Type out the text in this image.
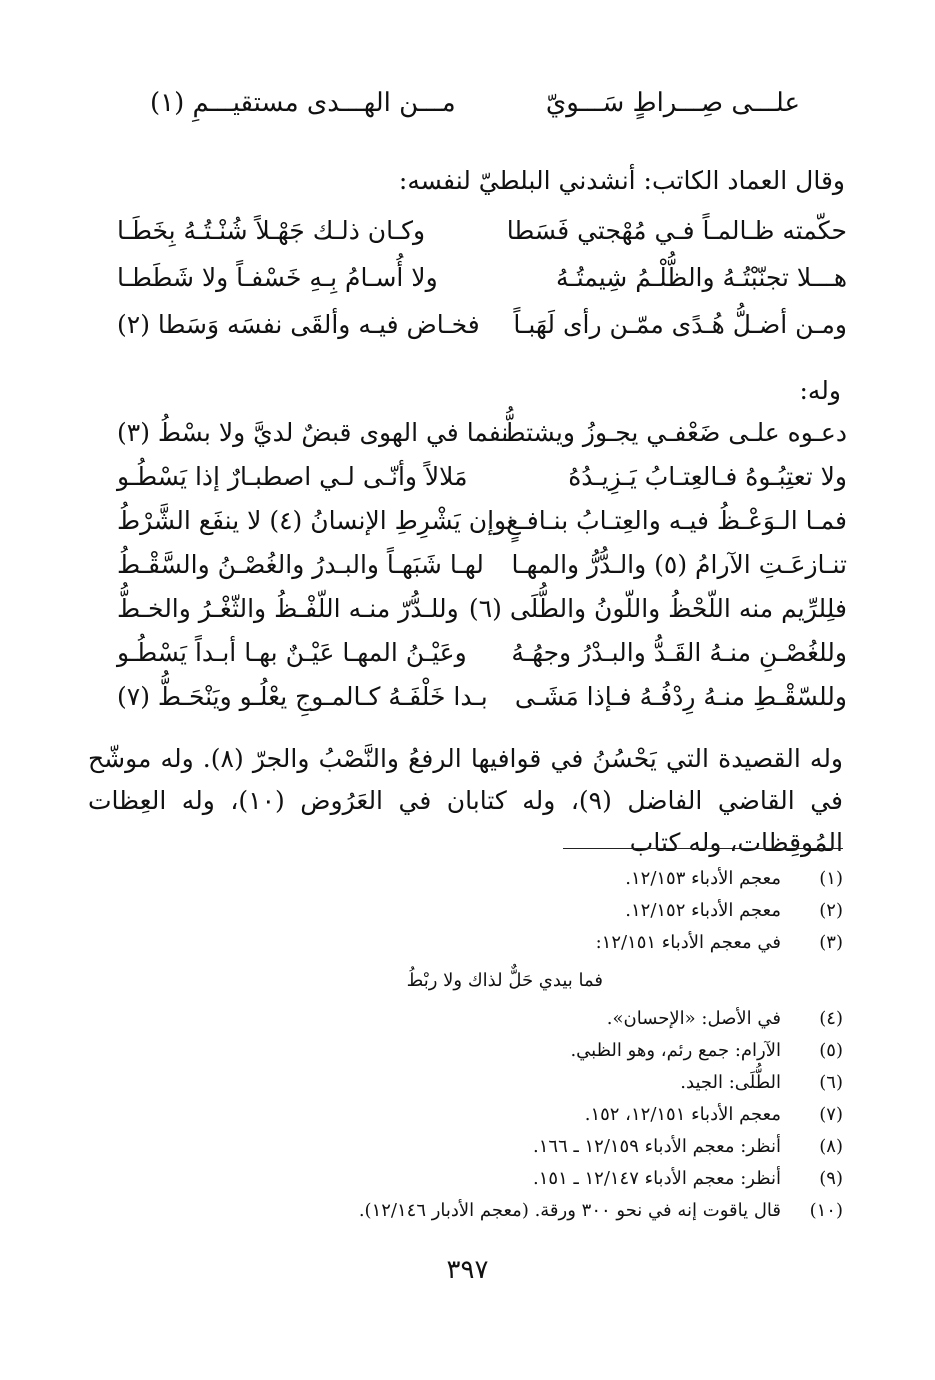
علـــى صِـــراطٍ سَـــويّ
مـــن الهـــدى مستقيـــمِ (١)
وقال العماد الكاتب: أنشدني البلطيّ لنفسه:
حكّمته ظـالمـاً فـي مُهْجتي فَسَطا
وكـان ذلـك جَهْـلاً شُنْـتُـهُ بِخَطَـا
هـــلا تجنّبْتُـهُ والظُّلْـمُ شِيمتُـهُ
ولا أُسـامُ بِـهِ خَسْفـاً ولا شَطَطـا
ومـن أضـلُّ هُـدًى ممّـن رأى لَهَبـاً
فخـاض فيـه وألقَى نفسَه وَسَطا (٢)
وله:
دعـوه علـى ضَعْفـي يجـوزُ ويشتطُّ
نفما في الهوى قبضٌ لديَّ ولا بسْطُ (٣)
ولا تعتِبُـوهُ فـالعِتـابُ يَـزِيـدُهُ
مَلالاً وأنّـى لـي اصطبـارٌ إذا يَسْطُـو
فمـا الـوَعْـظُ فيـه والعِتـابُ بنـافـعٍ
نوإن يَشْرِطِ الإنسانُ (٤) لا ينفَع الشَّرْطُ
تنـازعَـتِ الآرامُ (٥) والـدُّرُّ والمهـا
لهـا شَبَهـاً والبـدرُ والغُصْـنُ والسَّقْـطُ
فلِلرِّيم منه اللّحْظُ واللّونُ والطُّلَى (٦)
وللـدُّرّ منـه اللّفْـظُ والثّغْـرُ والخـطُّ
وللغُصْـنِ منـهُ القَـدُّ والبـدْرُ وجهُـهُ
وعَيْـنُ المهـا عَيْـنٌ بهـا أبـداً يَسْطُـو
وللسّقْـطِ منـهُ رِدْفُـهُ فـإذا مَشَـى
بـدا خَلْفَـهُ كـالمـوجِ يعْلُـو ويَنْحَـطُّ (٧)
وله القصيدة التي يَحْسُنُ في قوافيها الرفعُ والنَّصْبُ والجرّ (٨). وله موشّح في القاضي الفاضل (٩)، وله كتابان في العَرُوض (١٠)، وله العِظات المُوقِظات، وله كتاب
(١)
معجم الأدباء ١٢/١٥٣.
(٢)
معجم الأدباء ١٢/١٥٢.
(٣)
في معجم الأدباء ١٢/١٥١:
فما بيدي حَلٌّ لذاك ولا ربْطُ
(٤)
في الأصل: «الإحسان».
(٥)
الآرام: جمع رئم، وهو الظبي.
(٦)
الطُّلَى: الجيد.
(٧)
معجم الأدباء ١٢/١٥١، ١٥٢.
(٨)
أنظر: معجم الأدباء ١٢/١٥٩ ـ ١٦٦.
(٩)
أنظر: معجم الأدباء ١٢/١٤٧ ـ ١٥١.
(١٠)
قال ياقوت إنه في نحو ٣٠٠ ورقة. (معجم الأدبار ١٢/١٤٦).
٣٩٧
